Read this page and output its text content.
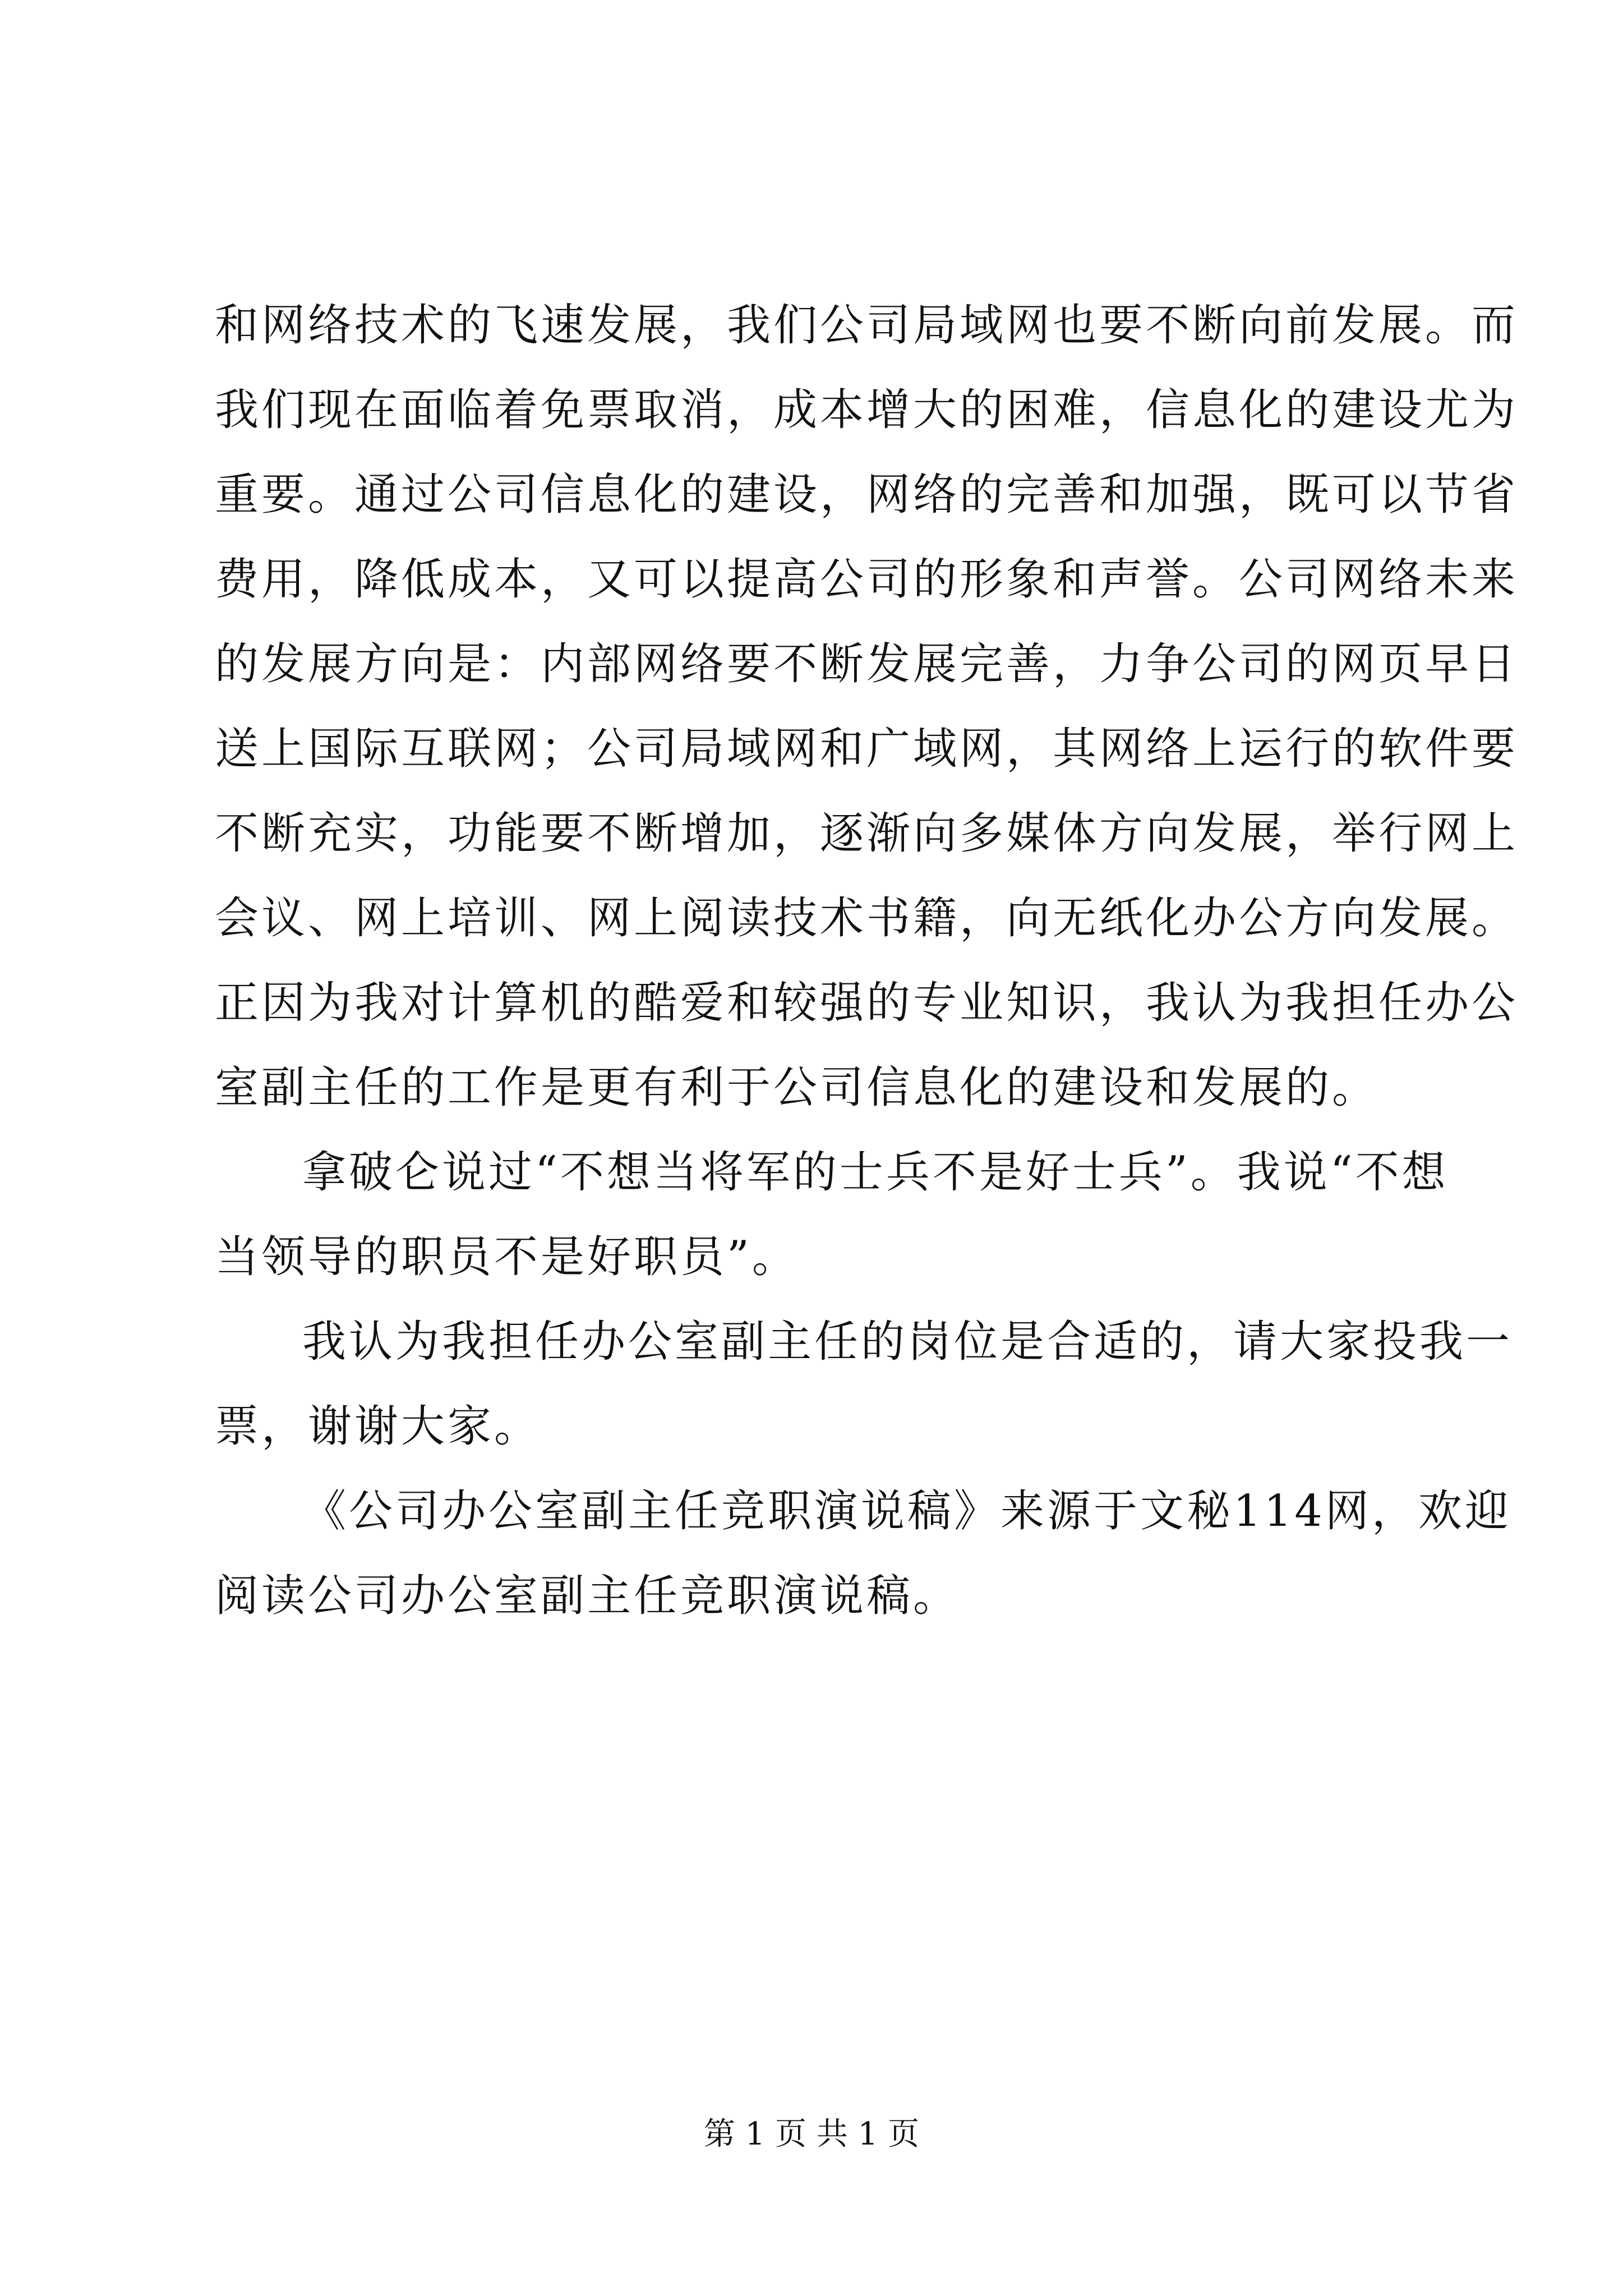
和网络技术的飞速发展，我们公司局域网也要不断向前发展。而
我们现在面临着免票取消，成本增大的困难，信息化的建设尤为
重要。通过公司信息化的建设，网络的完善和加强，既可以节省
费用，降低成本，又可以提高公司的形象和声誉。公司网络未来
的发展方向是：内部网络要不断发展完善，力争公司的网页早日
送上国际互联网；公司局域网和广域网，其网络上运行的软件要
不断充实，功能要不断增加，逐渐向多媒体方向发展，举行网上
会议、网上培训、网上阅读技术书籍，向无纸化办公方向发展。
正因为我对计算机的酷爱和较强的专业知识，我认为我担任办公
室副主任的工作是更有利于公司信息化的建设和发展的。
拿破仑说过“不想当将军的士兵不是好士兵”。我说“不想
当领导的职员不是好职员”。
我认为我担任办公室副主任的岗位是合适的，请大家投我一
票，谢谢大家。
《公司办公室副主任竞职演说稿》来源于文秘114网，欢迎
阅读公司办公室副主任竞职演说稿。
第 1 页 共 1 页
